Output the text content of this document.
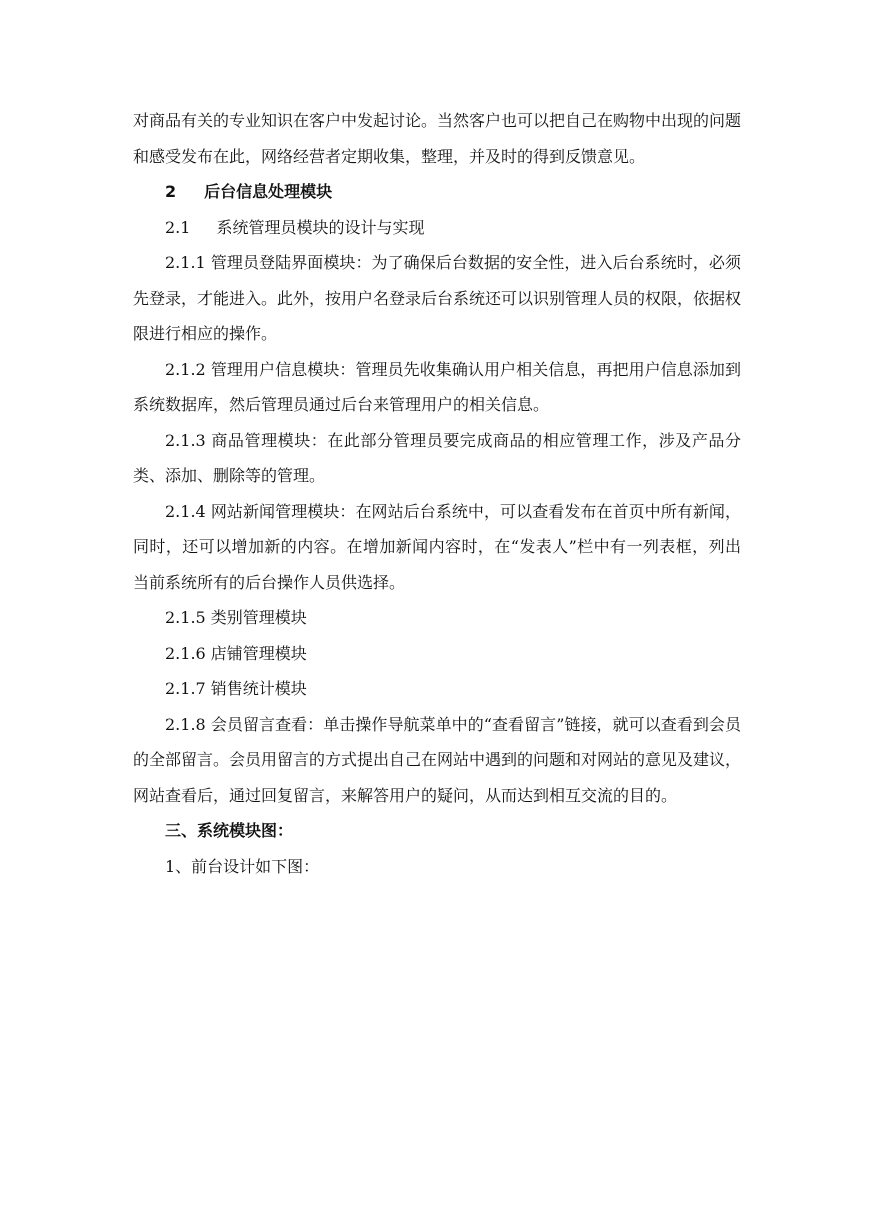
对商品有关的专业知识在客户中发起讨论。当然客户也可以把自己在购物中出现的问题和感受发布在此，网络经营者定期收集，整理，并及时的得到反馈意见。

2 后台信息处理模块

2.1 系统管理员模块的设计与实现

2.1.1 管理员登陆界面模块：为了确保后台数据的安全性，进入后台系统时，必须先登录，才能进入。此外，按用户名登录后台系统还可以识别管理人员的权限，依据权限进行相应的操作。

2.1.2 管理用户信息模块：管理员先收集确认用户相关信息，再把用户信息添加到系统数据库，然后管理员通过后台来管理用户的相关信息。

2.1.3 商品管理模块：在此部分管理员要完成商品的相应管理工作，涉及产品分类、添加、删除等的管理。

2.1.4 网站新闻管理模块：在网站后台系统中，可以查看发布在首页中所有新闻，同时，还可以增加新的内容。在增加新闻内容时，在“发表人”栏中有一列表框，列出当前系统所有的后台操作人员供选择。

2.1.5 类别管理模块

2.1.6 店铺管理模块

2.1.7 销售统计模块

2.1.8 会员留言查看：单击操作导航菜单中的“查看留言”链接，就可以查看到会员的全部留言。会员用留言的方式提出自己在网站中遇到的问题和对网站的意见及建议，网站查看后，通过回复留言，来解答用户的疑问，从而达到相互交流的目的。

三、系统模块图：

1、前台设计如下图：
